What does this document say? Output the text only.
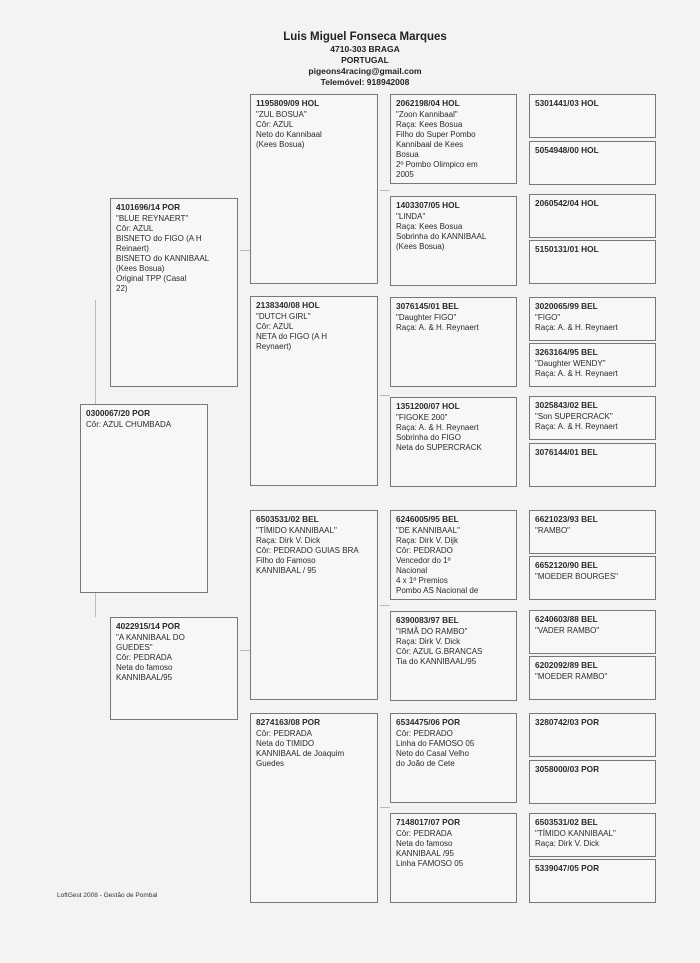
Luis Miguel Fonseca Marques
4710-303 BRAGA
PORTUGAL
pigeons4racing@gmail.com
Telemóvel: 918942008
0300067/20 POR
Côr: AZUL CHUMBADA
4101696/14 POR
"BLUE REYNAERT"
Côr: AZUL
BISNETO do FIGO (A H
Reinaert)
BISNETO do KANNIBAAL
(Kees Bosua)
Original TPP (Casal
22)
4022915/14 POR
"A KANNIBAAL DO
GUEDES"
Côr: PEDRADA
Neta do famoso
KANNIBAAL/95
1195809/09 HOL
"ZUL BOSUA"
Côr: AZUL
Neto do Kannibaal
(Kees Bosua)
2138340/08 HOL
"DUTCH GIRL"
Côr: AZUL
NETA do FIGO (A H
Reynaert)
6503531/02 BEL
"TÍMIDO KANNIBAAL"
Raça: Dirk V. Dick
Côr: PEDRADO GUIAS BRA
Filho do Famoso
KANNIBAAL / 95
8274163/08 POR
Côr: PEDRADA
Neta do TIMIDO
KANNIBAAL de Joaquim
Guedes
2062198/04 HOL
"Zoon Kannibaal"
Raça: Kees Bosua
Filho do Super Pombo
Kannibaal de Kees
Bosua
2º Pombo Olimpico em
2005
1403307/05 HOL
"LINDA"
Raça: Kees Bosua
Sobrinha do KANNIBAAL
(Kees Bosua)
3076145/01 BEL
"Daughter FIGO"
Raça: A. & H. Reynaert
1351200/07 HOL
"FIGOKE 200"
Raça: A. & H. Reynaert
Sobrinha do FIGO
Neta do SUPERCRACK
6246005/95 BEL
"DE KANNIBAAL"
Raça: Dirk V. Dijk
Côr: PEDRADO
Vencedor do 1º
Nacional
4 x 1º Premios
Pombo AS Nacional de
6390083/97 BEL
"IRMÃ DO RAMBO"
Raça: Dirk V. Dick
Côr: AZUL G.BRANCAS
Tia do KANNIBAAL/95
6534475/06 POR
Côr: PEDRADO
Linha do FAMOSO 05
Neto do Casal Velho
do João de Cete
7148017/07 POR
Côr: PEDRADA
Neta do famoso
KANNIBAAL /95
Linha FAMOSO 05
5301441/03 HOL
5054948/00 HOL
2060542/04 HOL
5150131/01 HOL
3020065/99 BEL
"FIGO"
Raça: A. & H. Reynaert
3263164/95 BEL
"Daughter WENDY"
Raça: A. & H. Reynaert
3025843/02 BEL
"Son SUPERCRACK"
Raça: A. & H. Reynaert
3076144/01 BEL
6621023/93 BEL
"RAMBO"
6652120/90 BEL
"MOEDER BOURGES"
6240603/88 BEL
"VADER RAMBO"
6202092/89 BEL
"MOEDER RAMBO"
3280742/03 POR
3058000/03 POR
6503531/02 BEL
"TÍMIDO KANNIBAAL"
Raça: Dirk V. Dick
5339047/05 POR
LoftGest 2008 - Gestão de Pombal
